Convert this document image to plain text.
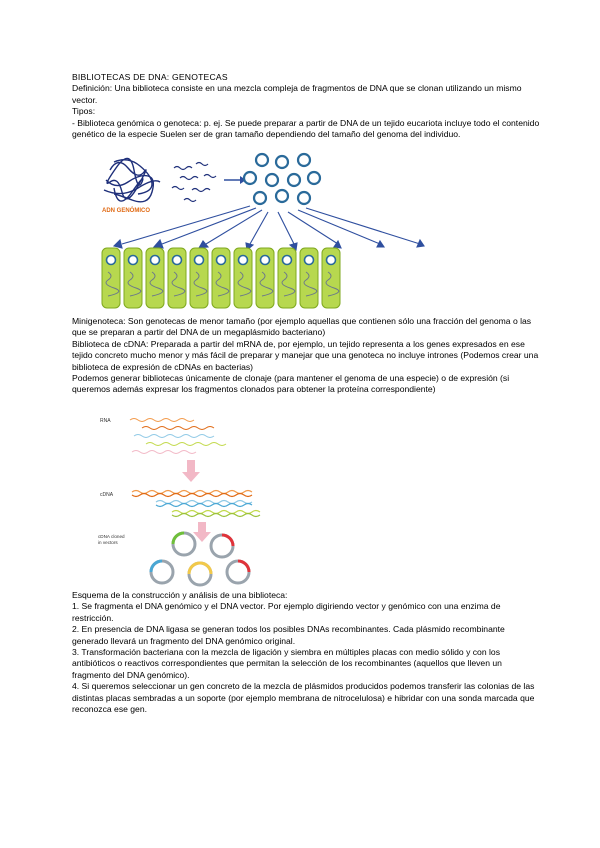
BIBLIOTECAS DE DNA: GENOTECAS

Definición: Una biblioteca consiste en una mezcla compleja de fragmentos de DNA que se clonan utilizando un mismo vector.

Tipos:

- Biblioteca genómica o genoteca: p. ej. Se puede preparar a partir de DNA de un tejido eucariota incluye todo el contenido genético de la especie Suelen ser de gran tamaño dependiendo del tamaño del genoma del individuo.

ADN GENÓMICO

Minigenoteca: Son genotecas de menor tamaño (por ejemplo aquellas que contienen sólo una fracción del genoma o las que se preparan a partir del DNA de un megaplásmido bacteriano)

Biblioteca de cDNA: Preparada a partir del mRNA de, por ejemplo, un tejido representa a los genes expresados en ese tejido concreto mucho menor y más fácil de preparar y manejar que una genoteca no incluye intrones (Podemos crear una biblioteca de expresión de cDNAs en bacterias)

Podemos generar bibliotecas únicamente de clonaje (para mantener el genoma de una especie) o de expresión (si queremos además expresar los fragmentos clonados para obtener la proteína correspondiente)

RNA
cDNA
cDNA cloned
in vectors

Esquema de la construcción y análisis de una biblioteca:

1. Se fragmenta el DNA genómico y el DNA vector. Por ejemplo digiriendo vector y genómico con una enzima de restricción.

2. En presencia de DNA ligasa se generan todos los posibles DNAs recombinantes. Cada plásmido recombinante generado llevará un fragmento del DNA genómico original.

3. Transformación bacteriana con la mezcla de ligación y siembra en múltiples placas con medio sólido y con los antibióticos o reactivos correspondientes que permitan la selección de los recombinantes (aquellos que lleven un fragmento del DNA genómico).

4. Si queremos seleccionar un gen concreto de la mezcla de plásmidos producidos podemos transferir las colonias de las distintas placas sembradas a un soporte (por ejemplo membrana de nitrocelulosa) e hibridar con una sonda marcada que reconozca ese gen.
